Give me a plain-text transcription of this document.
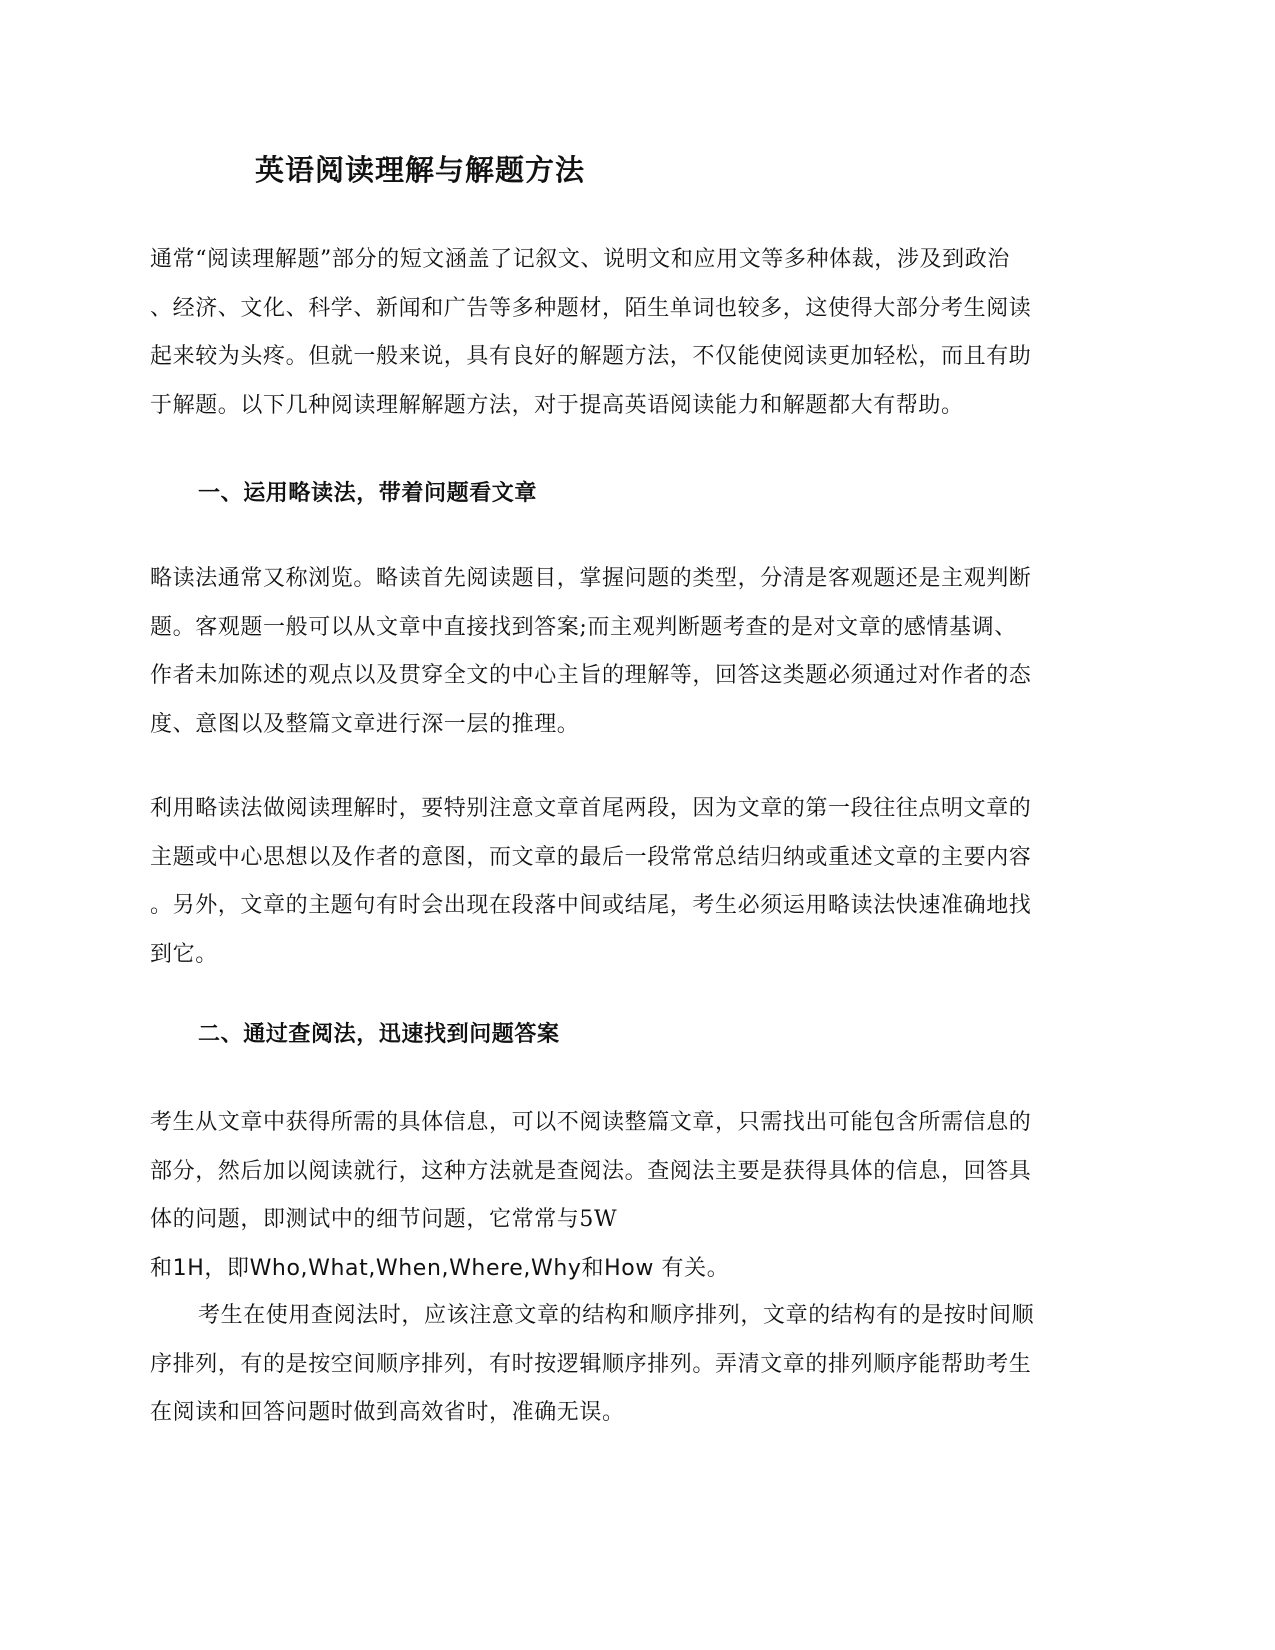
英语阅读理解与解题方法
通常“阅读理解题”部分的短文涵盖了记叙文、说明文和应用文等多种体裁，涉及到政治
、经济、文化、科学、新闻和广告等多种题材，陌生单词也较多，这使得大部分考生阅读
起来较为头疼。但就一般来说，具有良好的解题方法，不仅能使阅读更加轻松，而且有助
于解题。以下几种阅读理解解题方法，对于提高英语阅读能力和解题都大有帮助。
一、运用略读法，带着问题看文章
略读法通常又称浏览。略读首先阅读题目，掌握问题的类型，分清是客观题还是主观判断
题。客观题一般可以从文章中直接找到答案;而主观判断题考查的是对文章的感情基调、
作者未加陈述的观点以及贯穿全文的中心主旨的理解等，回答这类题必须通过对作者的态
度、意图以及整篇文章进行深一层的推理。
利用略读法做阅读理解时，要特别注意文章首尾两段，因为文章的第一段往往点明文章的
主题或中心思想以及作者的意图，而文章的最后一段常常总结归纳或重述文章的主要内容
。另外，文章的主题句有时会出现在段落中间或结尾，考生必须运用略读法快速准确地找
到它。
二、通过查阅法，迅速找到问题答案
考生从文章中获得所需的具体信息，可以不阅读整篇文章，只需找出可能包含所需信息的
部分，然后加以阅读就行，这种方法就是查阅法。查阅法主要是获得具体的信息，回答具
体的问题，即测试中的细节问题，它常常与5W
和1H，即Who,What,When,Where,Why和How 有关。
考生在使用查阅法时，应该注意文章的结构和顺序排列，文章的结构有的是按时间顺
序排列，有的是按空间顺序排列，有时按逻辑顺序排列。弄清文章的排列顺序能帮助考生
在阅读和回答问题时做到高效省时，准确无误。
